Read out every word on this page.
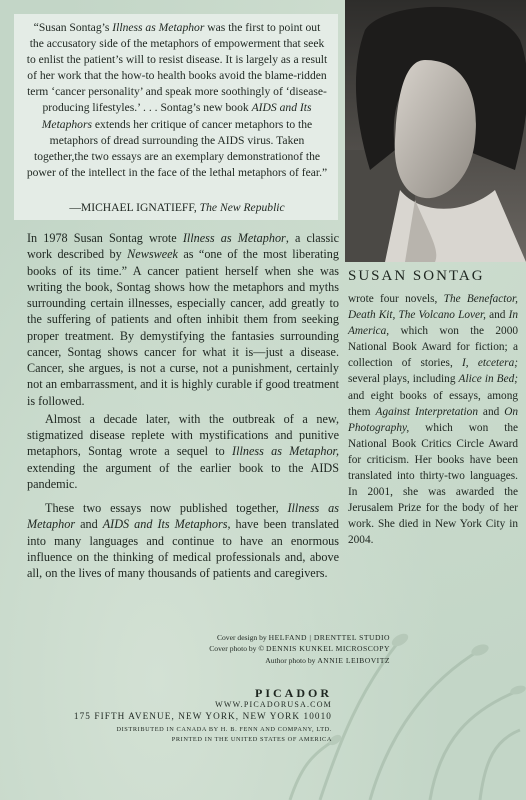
“Susan Sontag’s Illness as Metaphor was the first to point out the accusatory side of the metaphors of empowerment that seek to enlist the patient’s will to resist disease. It is largely as a result of her work that the how-to health books avoid the blame-ridden term ‘cancer personality’ and speak more soothingly of ‘disease-producing lifestyles.’ . . . Sontag’s new book AIDS and Its Metaphors extends her critique of cancer metaphors to the metaphors of dread surrounding the AIDS virus. Taken together,the two essays are an exemplary demonstrationof the power of the intellect in the face of the lethal metaphors of fear.”

—MICHAEL IGNATIEFF, The New Republic

In 1978 Susan Sontag wrote Illness as Metaphor, a classic work described by Newsweek as “one of the most liberating books of its time.” A cancer patient herself when she was writing the book, Sontag shows how the metaphors and myths surrounding certain illnesses, especially cancer, add greatly to the suffering of patients and often inhibit them from seeking proper treatment. By demystifying the fantasies surrounding cancer, Sontag shows cancer for what it is—just a disease. Cancer, she argues, is not a curse, not a punishment, certainly not an embarrassment, and it is highly curable if good treatment is followed.

Almost a decade later, with the outbreak of a new, stigmatized disease replete with mystifications and punitive metaphors, Sontag wrote a sequel to Illness as Metaphor, extending the argument of the earlier book to the AIDS pandemic.

These two essays now published together, Illness as Metaphor and AIDS and Its Metaphors, have been translated into many languages and continue to have an enormous influence on the thinking of medical professionals and, above all, on the lives of many thousands of patients and caregivers.

SUSAN SONTAG

wrote four novels, The Benefactor, Death Kit, The Volcano Lover, and In America, which won the 2000 National Book Award for fiction; a collection of stories, I, etcetera; several plays, including Alice in Bed; and eight books of essays, among them Against Interpretation and On Photography, which won the National Book Critics Circle Award for criticism. Her books have been translated into thirty-two languages. In 2001, she was awarded the Jerusalem Prize for the body of her work. She died in New York City in 2004.

Cover design by HELFAND | DRENTTEL STUDIO
Cover photo by © DENNIS KUNKEL MICROSCOPY
Author photo by ANNIE LEIBOVITZ
PICADOR
WWW.PICADORUSA.COM
175 FIFTH AVENUE, NEW YORK, NEW YORK 10010
DISTRIBUTED IN CANADA BY H. B. FENN AND COMPANY, LTD.
PRINTED IN THE UNITED STATES OF AMERICA
